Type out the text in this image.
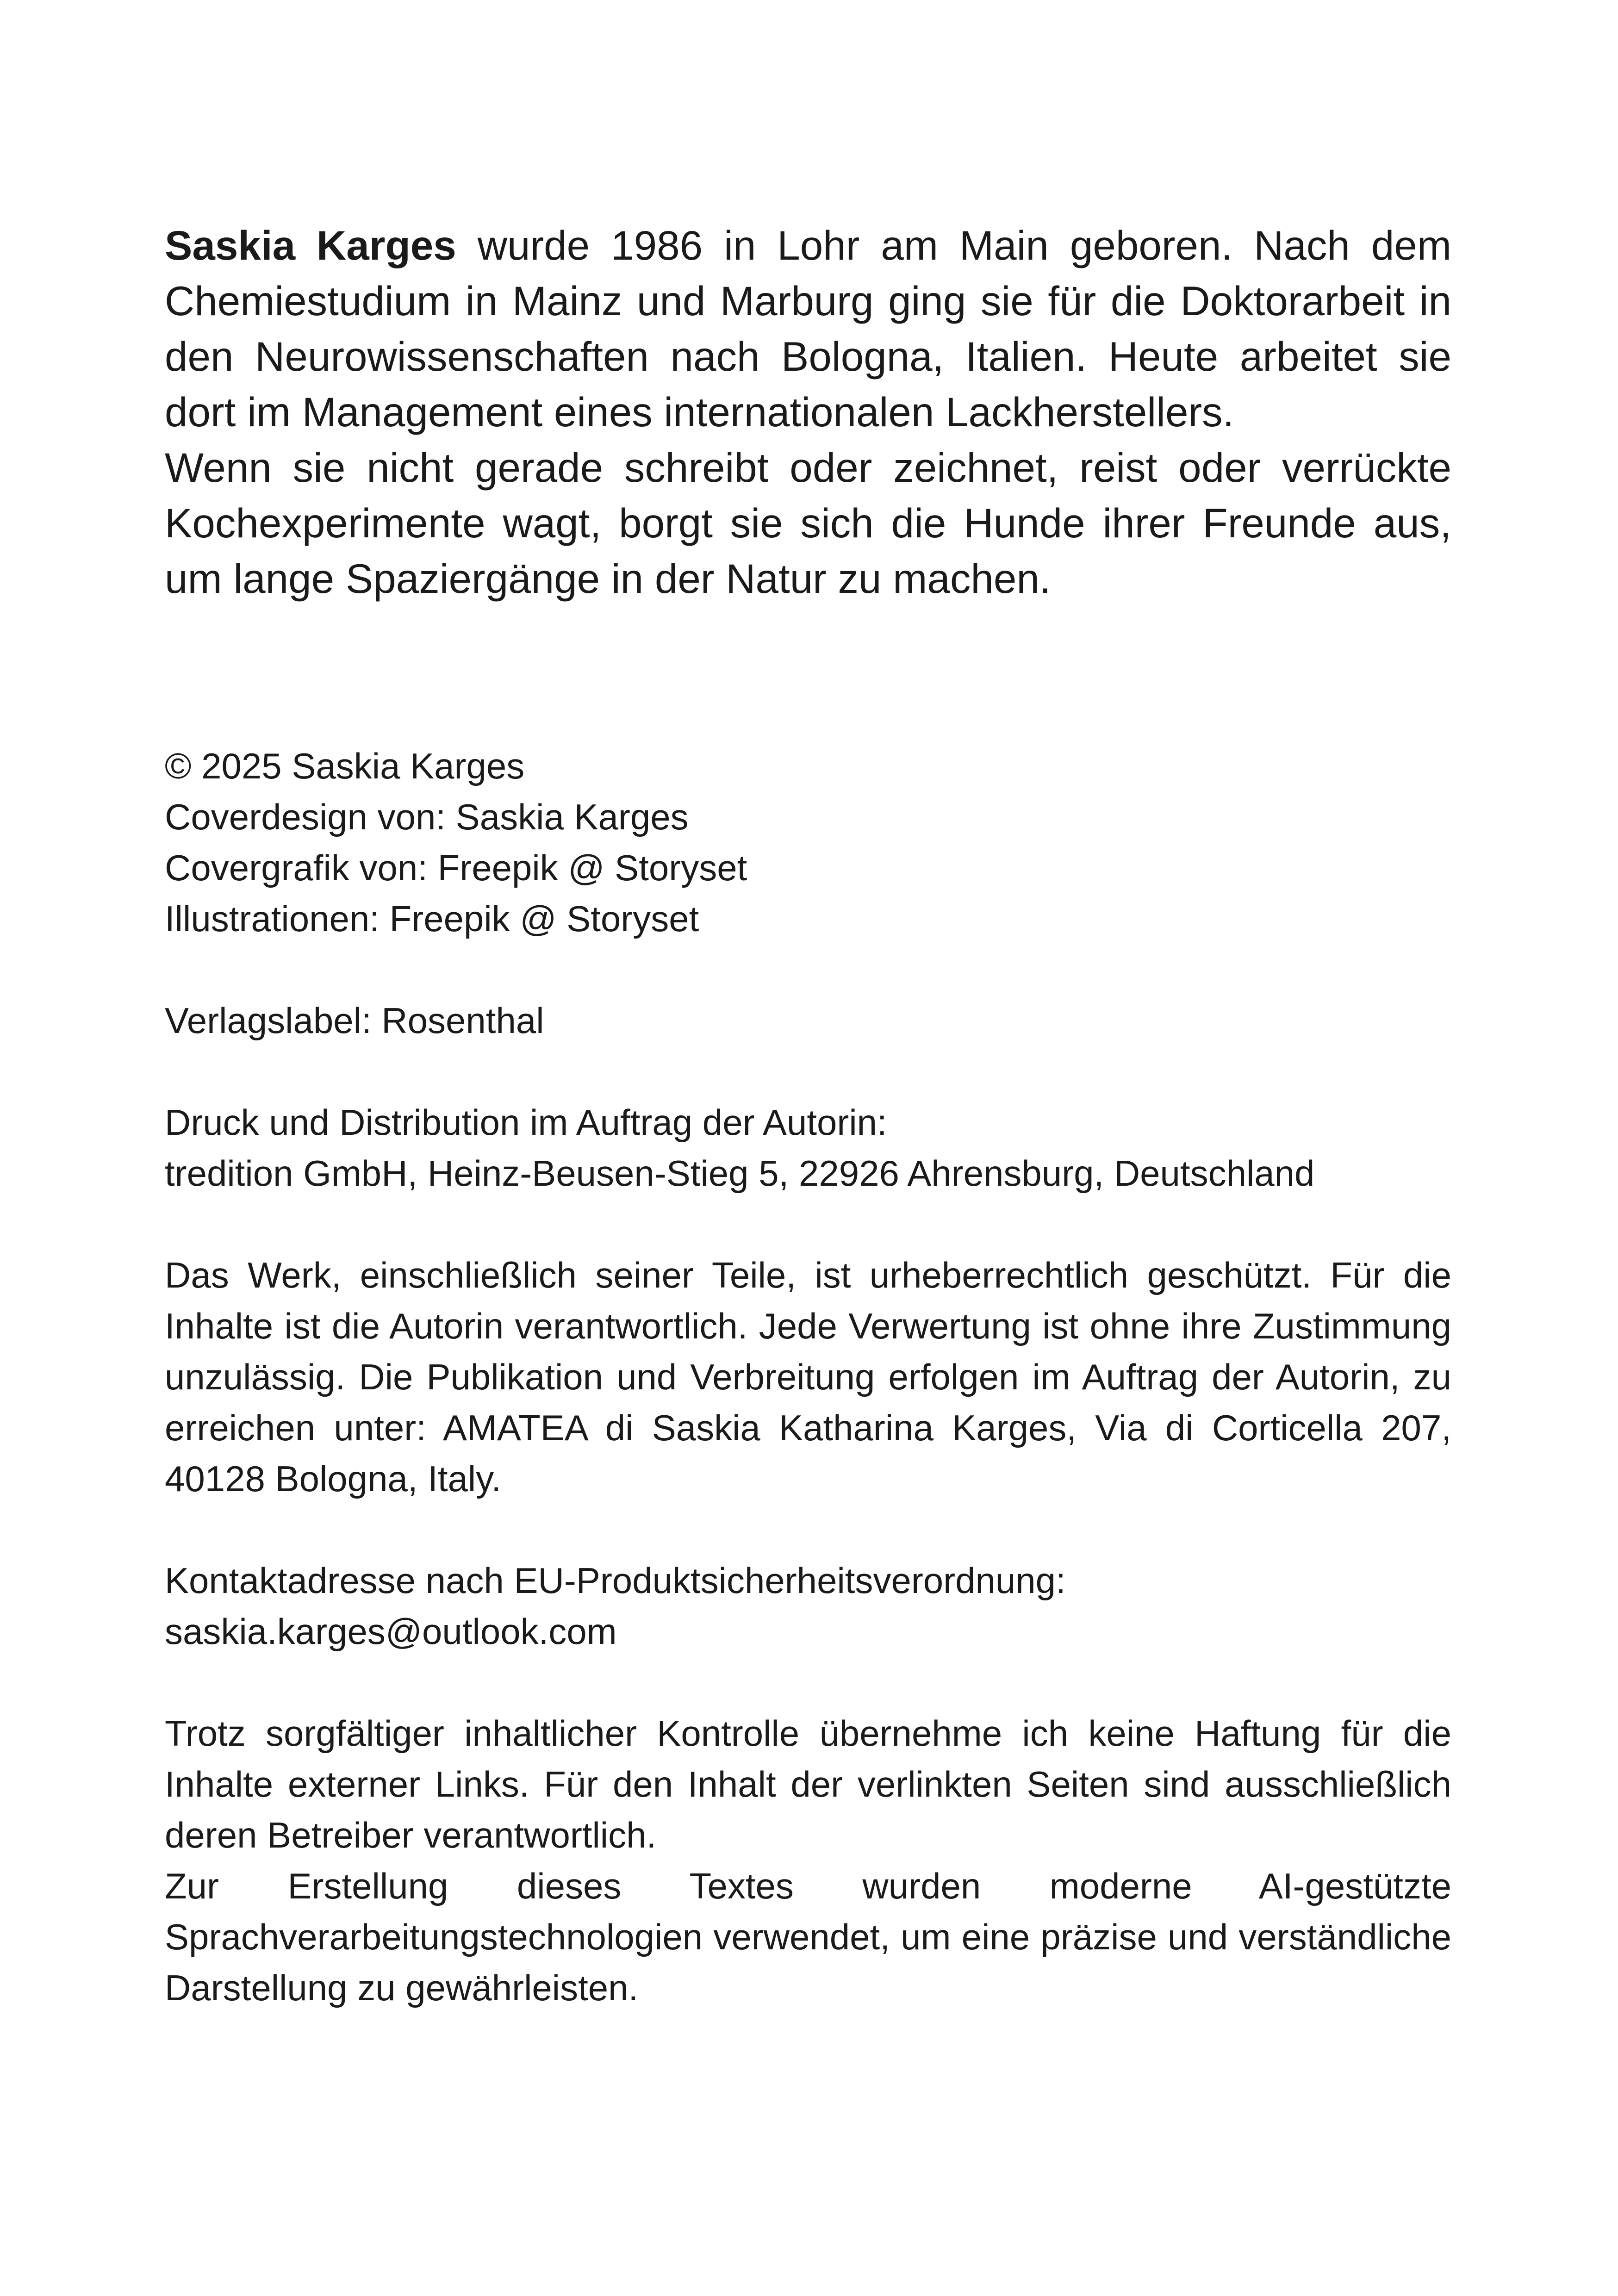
Saskia Karges wurde 1986 in Lohr am Main geboren. Nach dem Chemiestudium in Mainz und Marburg ging sie für die Doktorarbeit in den Neurowissenschaften nach Bologna, Italien. Heute arbeitet sie dort im Management eines internationalen Lackherstellers.

Wenn sie nicht gerade schreibt oder zeichnet, reist oder verrückte Kochexperimente wagt, borgt sie sich die Hunde ihrer Freunde aus, um lange Spaziergänge in der Natur zu machen.

© 2025 Saskia Karges
Coverdesign von: Saskia Karges
Covergrafik von: Freepik @ Storyset
Illustrationen: Freepik @ Storyset
Verlagslabel: Rosenthal
Druck und Distribution im Auftrag der Autorin:
tredition GmbH, Heinz-Beusen-Stieg 5, 22926 Ahrensburg, Deutschland
Das Werk, einschließlich seiner Teile, ist urheberrechtlich geschützt. Für die Inhalte ist die Autorin verantwortlich. Jede Verwertung ist ohne ihre Zustimmung unzulässig. Die Publikation und Verbreitung erfolgen im Auftrag der Autorin, zu erreichen unter: AMATEA di Saskia Katharina Karges, Via di Corticella 207, 40128 Bologna, Italy.
Kontaktadresse nach EU-Produktsicherheitsverordnung:
saskia.karges@outlook.com
Trotz sorgfältiger inhaltlicher Kontrolle übernehme ich keine Haftung für die Inhalte externer Links. Für den Inhalt der verlinkten Seiten sind ausschließlich deren Betreiber verantwortlich.
Zur Erstellung dieses Textes wurden moderne AI-gestützte Sprachverarbeitungstechnologien verwendet, um eine präzise und verständliche Darstellung zu gewährleisten.
